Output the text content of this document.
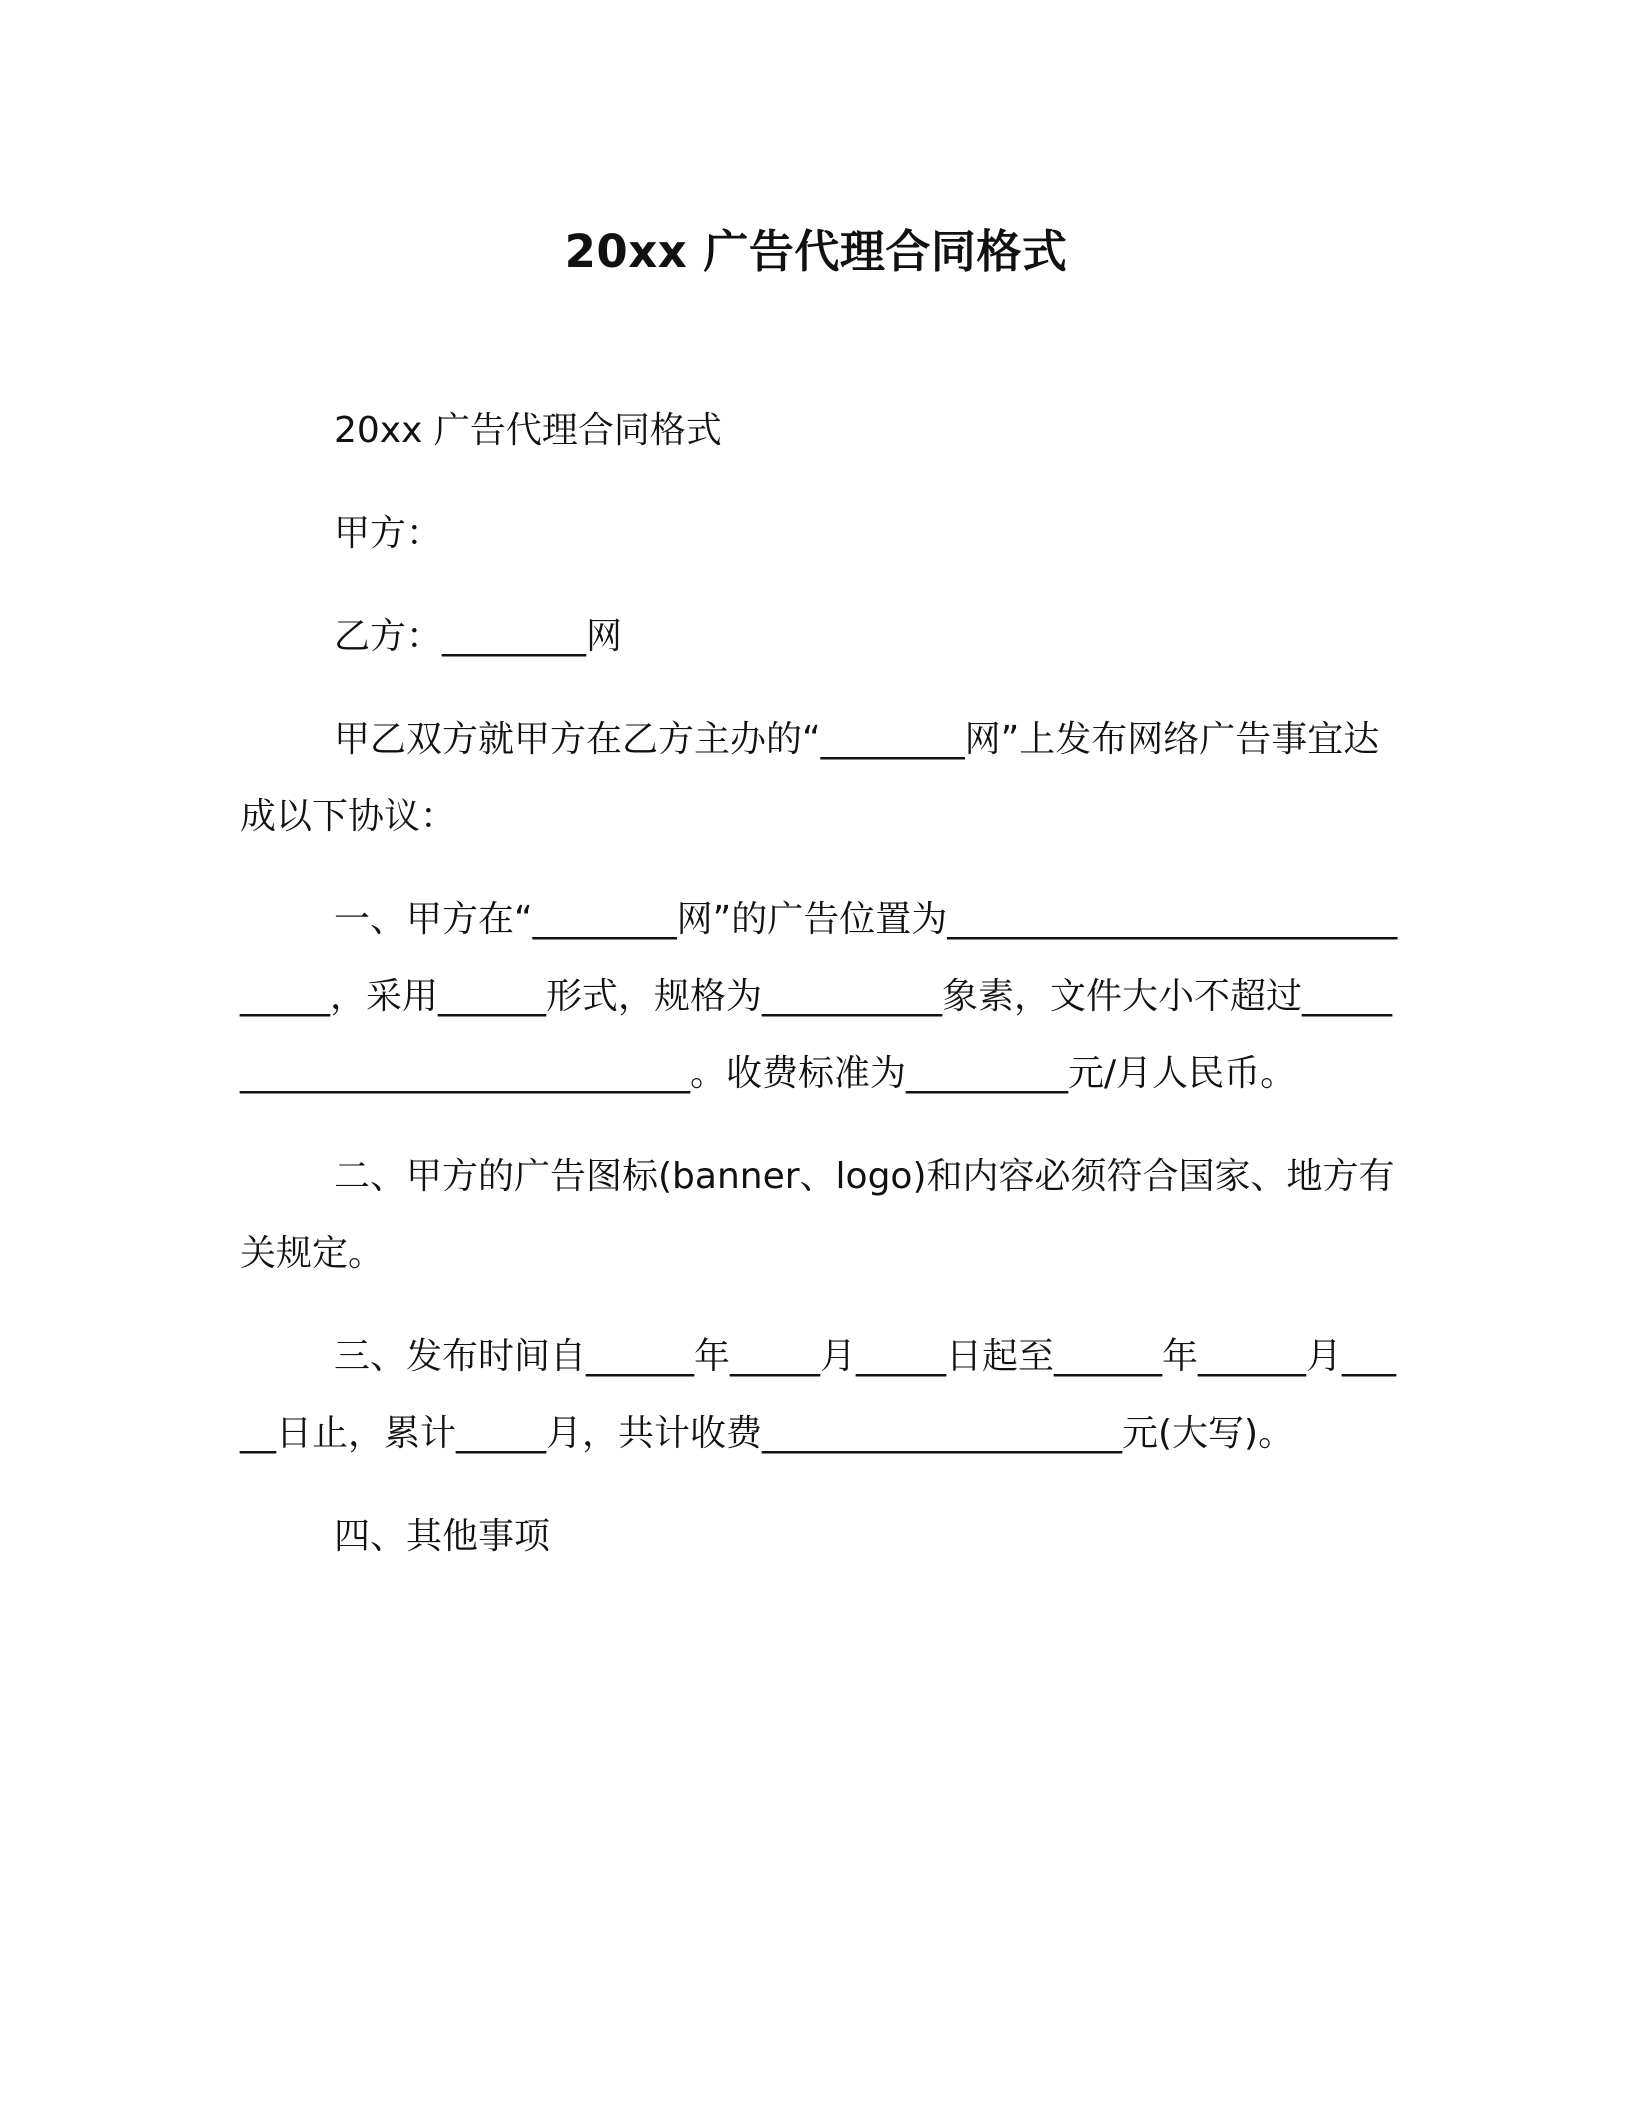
20xx 广告代理合同格式

20xx 广告代理合同格式

甲方：

乙方：________网

甲乙双方就甲方在乙方主办的“________网”上发布网络广告事宜达成以下协议：

一、甲方在“________网”的广告位置为______________________________，采用______形式，规格为__________象素，文件大小不超过______________________________。收费标准为_________元/月人民币。

二、甲方的广告图标(banner、logo)和内容必须符合国家、地方有关规定。

三、发布时间自______年_____月_____日起至______年______月_____日止，累计_____月，共计收费____________________元(大写)。

四、其他事项
